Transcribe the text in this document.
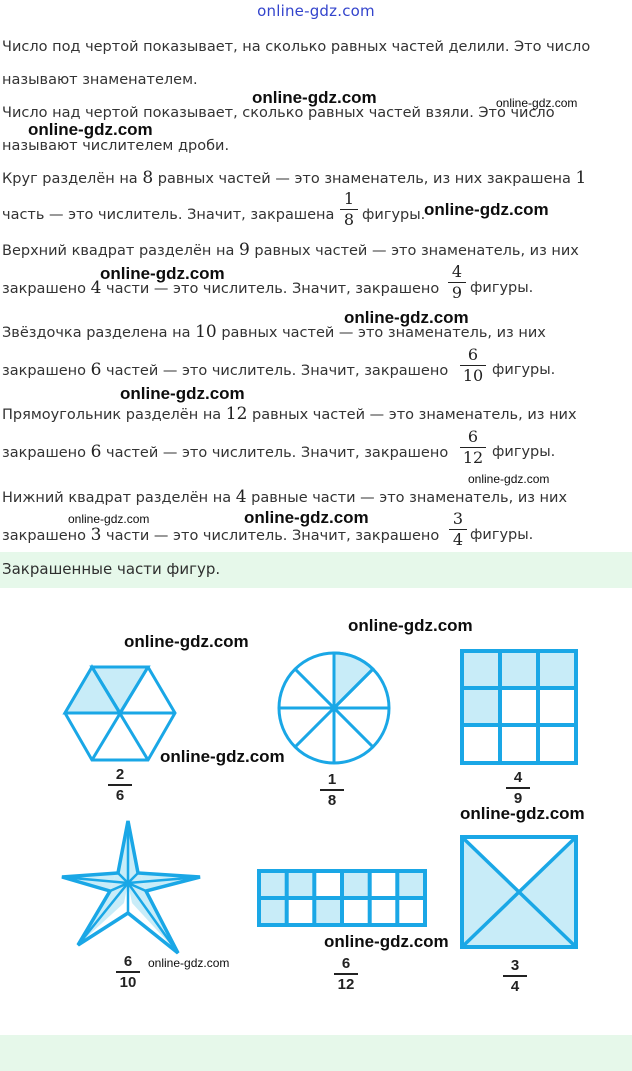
online-gdz.com
Число под чертой показывает, на сколько равных частей делили. Это число
называют знаменателем.
Число над чертой показывает, сколько равных частей взяли. Это число
называют числителем дроби.
Круг разделён на 8 равных частей — это знаменатель, из них закрашена 1
часть — это числитель. Значит, закрашена
1
8 фигуры.
Верхний квадрат разделён на 9 равных частей — это знаменатель, из них
закрашено 4 части — это числитель. Значит, закрашено
4
9 фигуры.
Звёздочка разделена на 10 равных частей — это знаменатель, из них
закрашено 6 частей — это числитель. Значит, закрашено
6
10 фигуры.
Прямоугольник разделён на 12 равных частей — это знаменатель, из них
закрашено 6 частей — это числитель. Значит, закрашено
6
12 фигуры.
Нижний квадрат разделён на 4 равные части — это знаменатель, из них
закрашено 3 части — это числитель. Значит, закрашено
3
4 фигуры.
Закрашенные части фигур.
2
6
1
8
4
9
6
10
6
12
3
4
online-gdz.com	online-gdz.com
online-gdz.com
online-gdz.com
online-gdz.com
online-gdz.com
online-gdz.com
online-gdz.com
online-gdz.com	online-gdz.com
online-gdz.com
online-gdz.com
online-gdz.com
online-gdz.com
online-gdz.com
online-gdz.com
